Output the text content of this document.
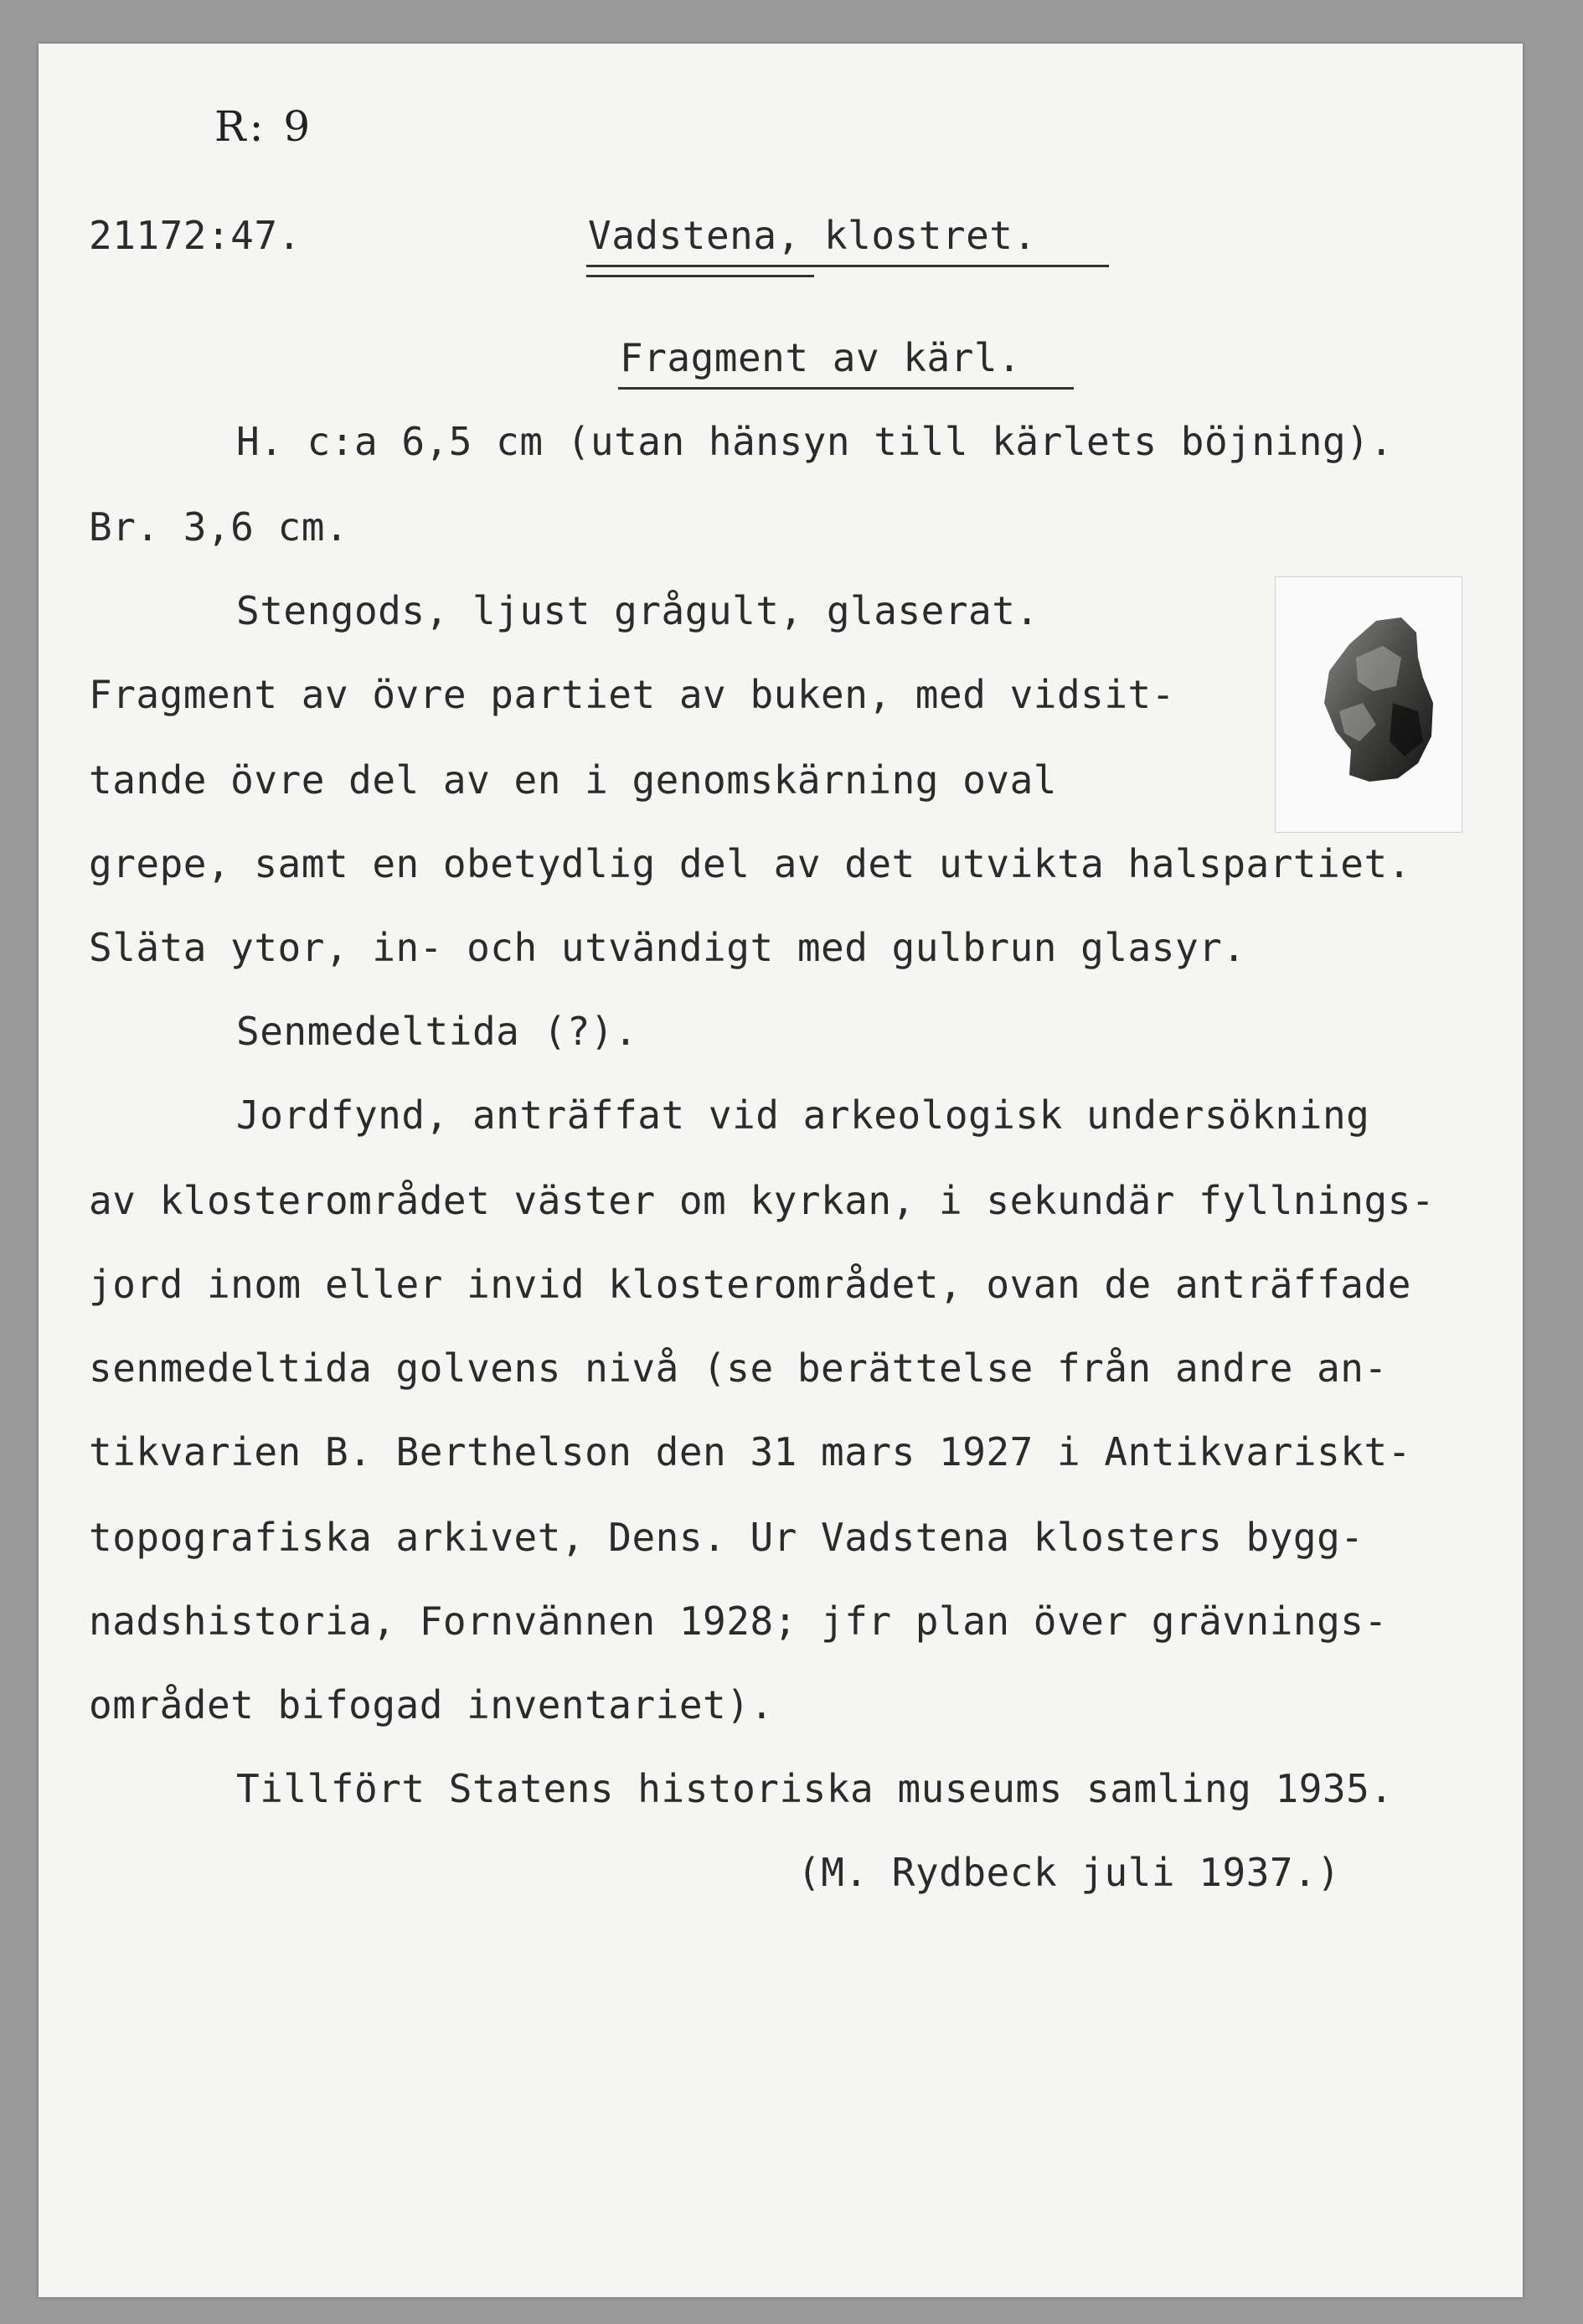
R: 9
21172:47.	Vadstena, klostret.
Fragment av kärl.
H. c:a 6,5 cm (utan hänsyn till kärlets böjning).
Br. 3,6 cm.
Stengods, ljust grågult, glaserat.
Fragment av övre partiet av buken, med vidsit-
tande övre del av en i genomskärning oval
grepe, samt en obetydlig del av det utvikta halspartiet.
Släta ytor, in- och utvändigt med gulbrun glasyr.
Senmedeltida (?).
Jordfynd, anträffat vid arkeologisk undersökning
av klosterområdet väster om kyrkan, i sekundär fyllnings-
jord inom eller invid klosterområdet, ovan de anträffade
senmedeltida golvens nivå (se berättelse från andre an-
tikvarien B. Berthelson den 31 mars 1927 i Antikvariskt-
topografiska arkivet, Dens. Ur Vadstena klosters bygg-
nadshistoria, Fornvännen 1928; jfr plan över grävnings-
området bifogad inventariet).
Tillfört Statens historiska museums samling 1935.
(M. Rydbeck juli 1937.)
